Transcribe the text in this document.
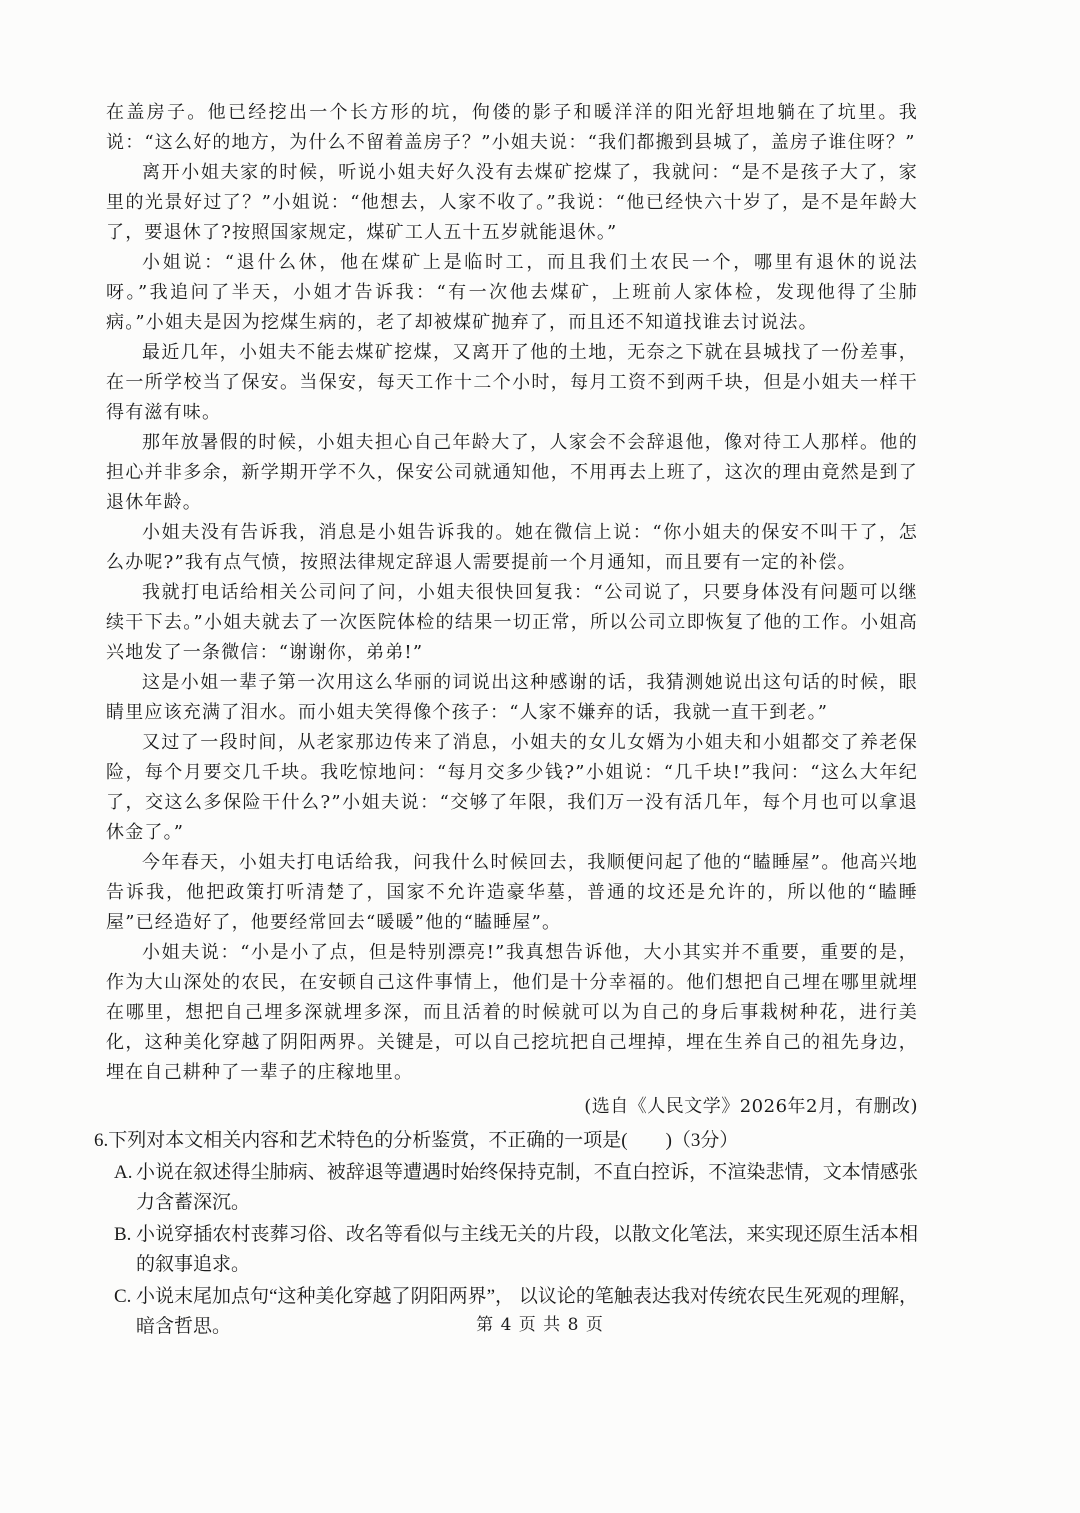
在盖房子。他已经挖出一个长方形的坑，佝偻的影子和暖洋洋的阳光舒坦地躺在了坑里。我说：“这么好的地方，为什么不留着盖房子？”小姐夫说：“我们都搬到县城了，盖房子谁住呀？”

离开小姐夫家的时候，听说小姐夫好久没有去煤矿挖煤了，我就问：“是不是孩子大了，家里的光景好过了？”小姐说：“他想去，人家不收了。”我说：“他已经快六十岁了，是不是年龄大了，要退休了?按照国家规定，煤矿工人五十五岁就能退休。”

小姐说：“退什么休，他在煤矿上是临时工，而且我们土农民一个，哪里有退休的说法呀。”我追问了半天，小姐才告诉我：“有一次他去煤矿，上班前人家体检，发现他得了尘肺病。”小姐夫是因为挖煤生病的，老了却被煤矿抛弃了，而且还不知道找谁去讨说法。

最近几年，小姐夫不能去煤矿挖煤，又离开了他的土地，无奈之下就在县城找了一份差事，在一所学校当了保安。当保安，每天工作十二个小时，每月工资不到两千块，但是小姐夫一样干得有滋有味。

那年放暑假的时候，小姐夫担心自己年龄大了，人家会不会辞退他，像对待工人那样。他的担心并非多余，新学期开学不久，保安公司就通知他，不用再去上班了，这次的理由竟然是到了退休年龄。

小姐夫没有告诉我，消息是小姐告诉我的。她在微信上说：“你小姐夫的保安不叫干了，怎么办呢?”我有点气愤，按照法律规定辞退人需要提前一个月通知，而且要有一定的补偿。

我就打电话给相关公司问了问，小姐夫很快回复我：“公司说了，只要身体没有问题可以继续干下去。”小姐夫就去了一次医院体检的结果一切正常，所以公司立即恢复了他的工作。小姐高兴地发了一条微信：“谢谢你，弟弟!”

这是小姐一辈子第一次用这么华丽的词说出这种感谢的话，我猜测她说出这句话的时候，眼睛里应该充满了泪水。而小姐夫笑得像个孩子：“人家不嫌弃的话，我就一直干到老。”

又过了一段时间，从老家那边传来了消息，小姐夫的女儿女婿为小姐夫和小姐都交了养老保险，每个月要交几千块。我吃惊地问：“每月交多少钱?”小姐说：“几千块!”我问：“这么大年纪了，交这么多保险干什么?”小姐夫说：“交够了年限，我们万一没有活几年，每个月也可以拿退休金了。”

今年春天，小姐夫打电话给我，问我什么时候回去，我顺便问起了他的“瞌睡屋”。他高兴地告诉我，他把政策打听清楚了，国家不允许造豪华墓，普通的坟还是允许的，所以他的“瞌睡屋”已经造好了，他要经常回去“暖暖”他的“瞌睡屋”。

小姐夫说：“小是小了点，但是特别漂亮!”我真想告诉他，大小其实并不重要，重要的是，作为大山深处的农民，在安顿自己这件事情上，他们是十分幸福的。他们想把自己埋在哪里就埋在哪里，想把自己埋多深就埋多深，而且活着的时候就可以为自己的身后事栽树种花，进行美化，这种美化穿越了阴阳两界。关键是，可以自己挖坑把自己埋掉，埋在生养自己的祖先身边，埋在自己耕种了一辈子的庄稼地里。

(选自《人民文学》2026年2月，有删改)

6.下列对本文相关内容和艺术特色的分析鉴赏，不正确的一项是(　　)（3分）

A. 小说在叙述得尘肺病、被辞退等遭遇时始终保持克制，不直白控诉，不渲染悲情，文本情感张力含蓄深沉。
B. 小说穿插农村丧葬习俗、改名等看似与主线无关的片段，以散文化笔法，来实现还原生活本相的叙事追求。
C. 小说末尾加点句“这种美化穿越了阴阳两界”， 以议论的笔触表达我对传统农民生死观的理解，暗含哲思。	第 4 页 共 8 页
